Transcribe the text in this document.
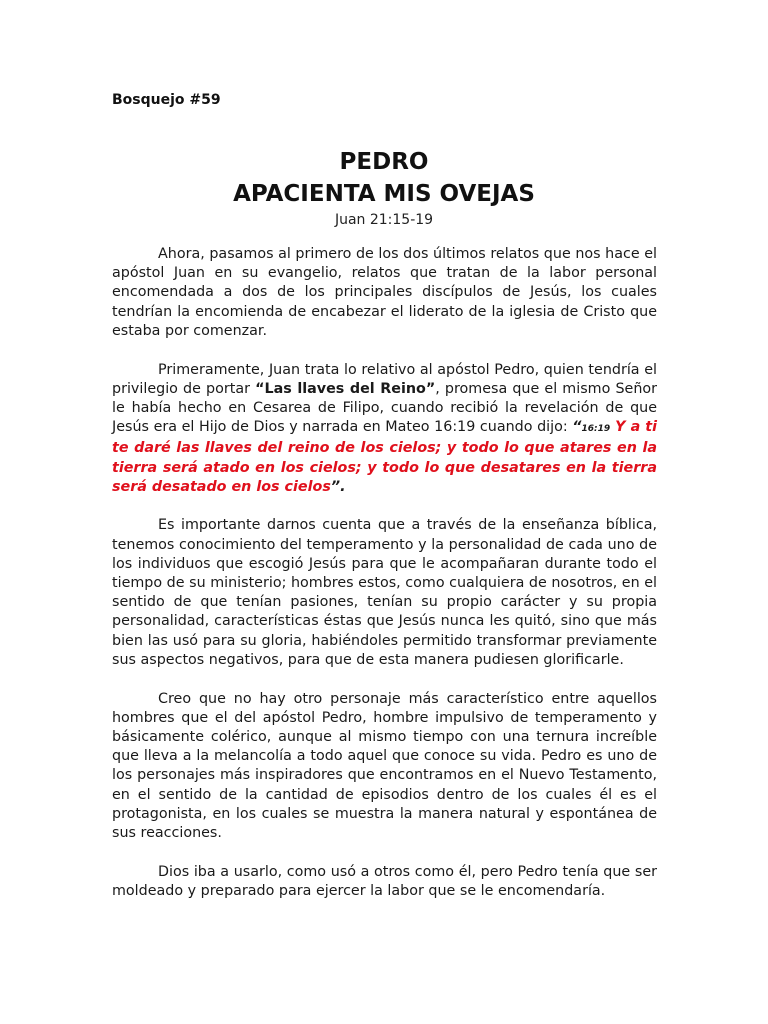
Bosquejo #59
PEDRO
APACIENTA MIS OVEJAS
Juan 21:15-19

Ahora, pasamos al primero de los dos últimos relatos que nos hace el apóstol Juan en su evangelio, relatos que tratan de la labor personal encomendada a dos de los principales discípulos de Jesús, los cuales tendrían la encomienda de encabezar el liderato de la iglesia de Cristo que estaba por comenzar.

Primeramente, Juan trata lo relativo al apóstol Pedro, quien tendría el privilegio de portar “Las llaves del Reino”, promesa que el mismo Señor le había hecho en Cesarea de Filipo, cuando recibió la revelación de que Jesús era el Hijo de Dios y narrada en Mateo 16:19 cuando dijo: “16:19 Y a ti te daré las llaves del reino de los cielos; y todo lo que atares en la tierra será atado en los cielos; y todo lo que desatares en la tierra será desatado en los cielos”.

Es importante darnos cuenta que a través de la enseñanza bíblica, tenemos conocimiento del temperamento y la personalidad de cada uno de los individuos que escogió Jesús para que le acompañaran durante todo el tiempo de su ministerio; hombres estos, como cualquiera de nosotros, en el sentido de que tenían pasiones, tenían su propio carácter y su propia personalidad, características éstas que Jesús nunca les quitó, sino que más bien las usó para su gloria, habiéndoles permitido transformar previamente sus aspectos negativos, para que de esta manera pudiesen glorificarle.

Creo que no hay otro personaje más característico entre aquellos hombres que el del apóstol Pedro, hombre impulsivo de temperamento y básicamente colérico, aunque al mismo tiempo con una ternura increíble que lleva a la melancolía a todo aquel que conoce su vida. Pedro es uno de los personajes más inspiradores que encontramos en el Nuevo Testamento, en el sentido de la cantidad de episodios dentro de los cuales él es el protagonista, en los cuales se muestra la manera natural y espontánea de sus reacciones.

Dios iba a usarlo, como usó a otros como él, pero Pedro tenía que ser moldeado y preparado para ejercer la labor que se le encomendaría.
